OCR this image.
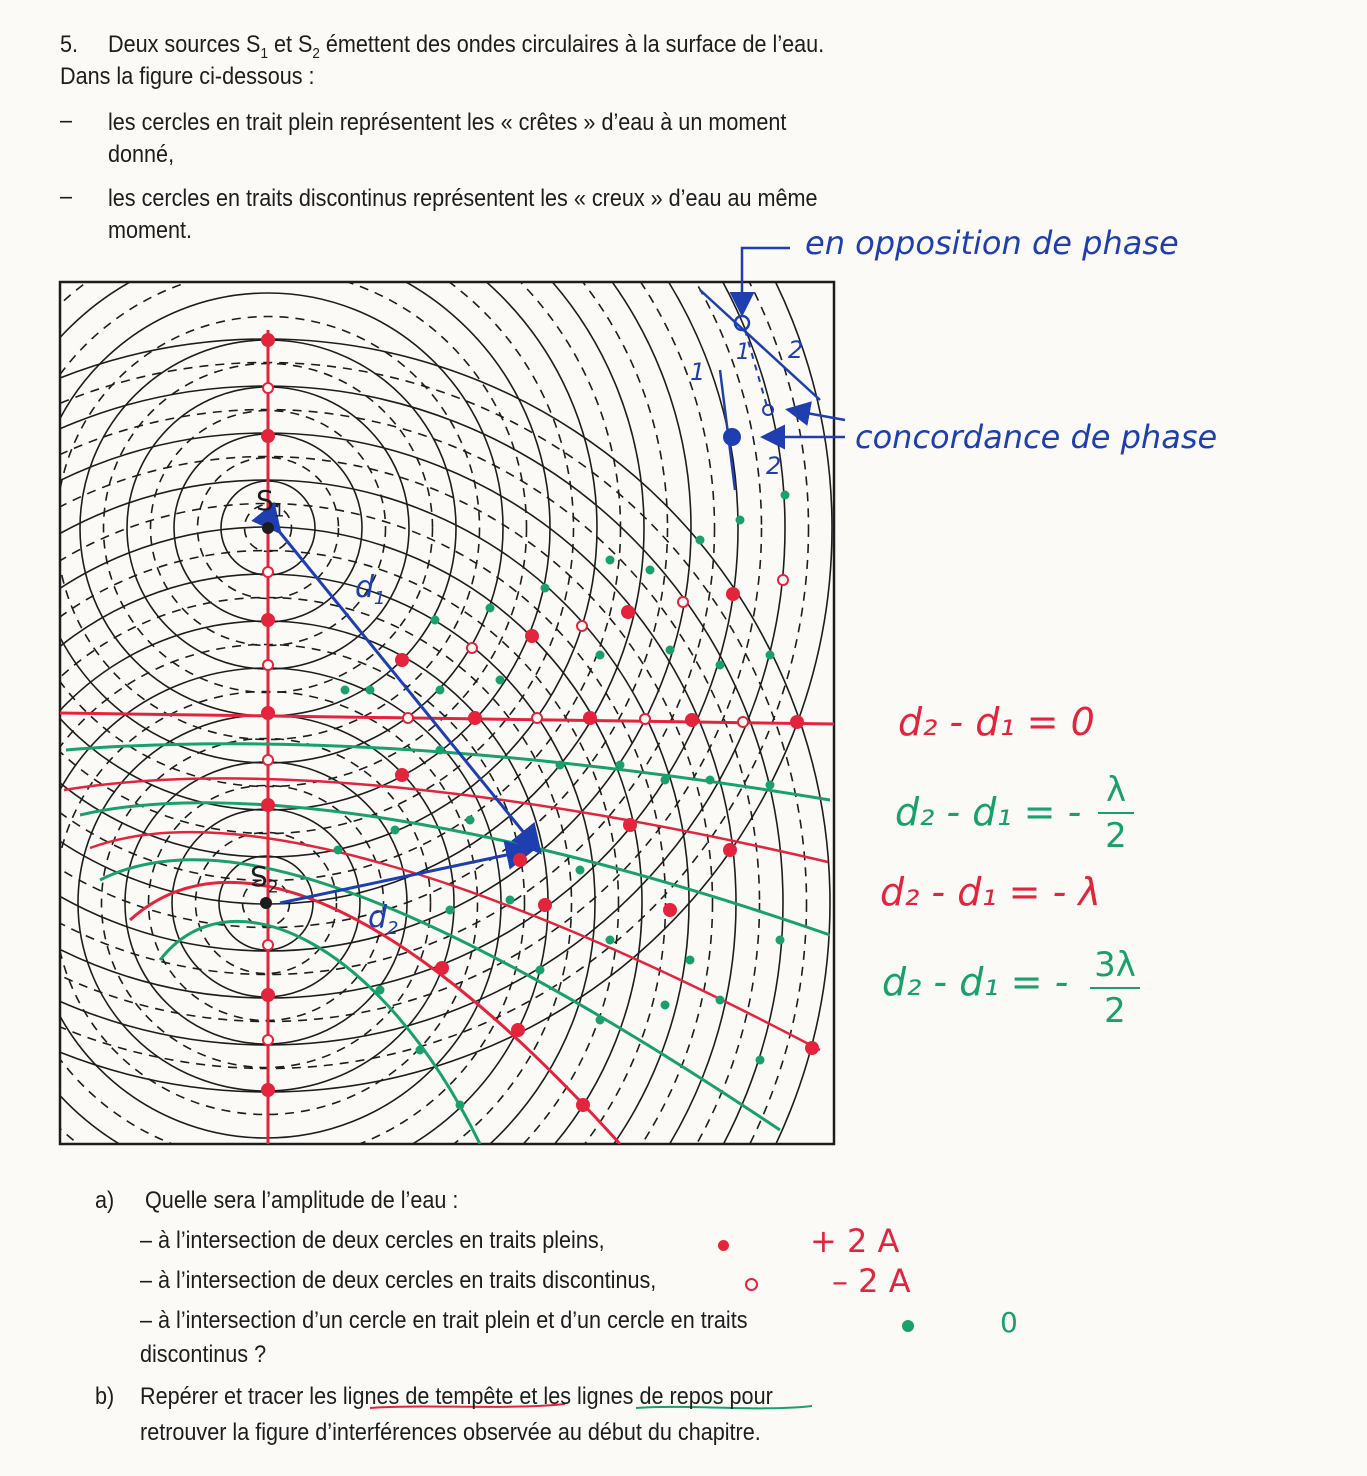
5. Deux sources $S_1$ et $S_2$ émettent des ondes circulaires à la surface de l’eau.
Dans la figure ci-dessous :
– les cercles en trait plein représentent les « crêtes » d’eau à un moment
donné,
– les cercles en traits discontinus représentent les « creux » d’eau au même
moment.
$S_1$
$S_2$
$d_1$
$d_2$
en opposition de phase
concordance de phase
1
1 2
2
d₂ - d₁ = 0
d₂ - d₁ = - λ
2
d₂ - d₁ = - λ
d₂ - d₁ = - 3λ
2
a) Quelle sera l’amplitude de l’eau :
– à l’intersection de deux cercles en traits pleins,
– à l’intersection de deux cercles en traits discontinus,
– à l’intersection d’un cercle en trait plein et d’un cercle en traits
discontinus ?
+ 2 A
– 2 A
0
b) Repérer et tracer les lignes de tempête et les lignes de repos pour
retrouver la figure d’interférences observée au début du chapitre.
